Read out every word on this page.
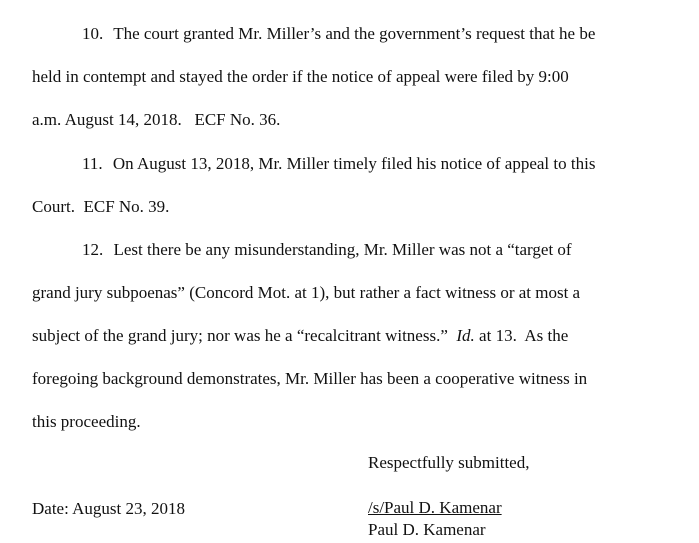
10. The court granted Mr. Miller’s and the government’s request that he be
held in contempt and stayed the order if the notice of appeal were filed by 9:00
a.m. August 14, 2018.   ECF No. 36.
11. On August 13, 2018, Mr. Miller timely filed his notice of appeal to this
Court.  ECF No. 39.
12. Lest there be any misunderstanding, Mr. Miller was not a “target of
grand jury subpoenas” (Concord Mot. at 1), but rather a fact witness or at most a
subject of the grand jury; nor was he a “recalcitrant witness.” Id. at 13.  As the
foregoing background demonstrates, Mr. Miller has been a cooperative witness in
this proceeding.
Respectfully submitted,
Date: August 23, 2018	/s/Paul D. Kamenar
Paul D. Kamenar
